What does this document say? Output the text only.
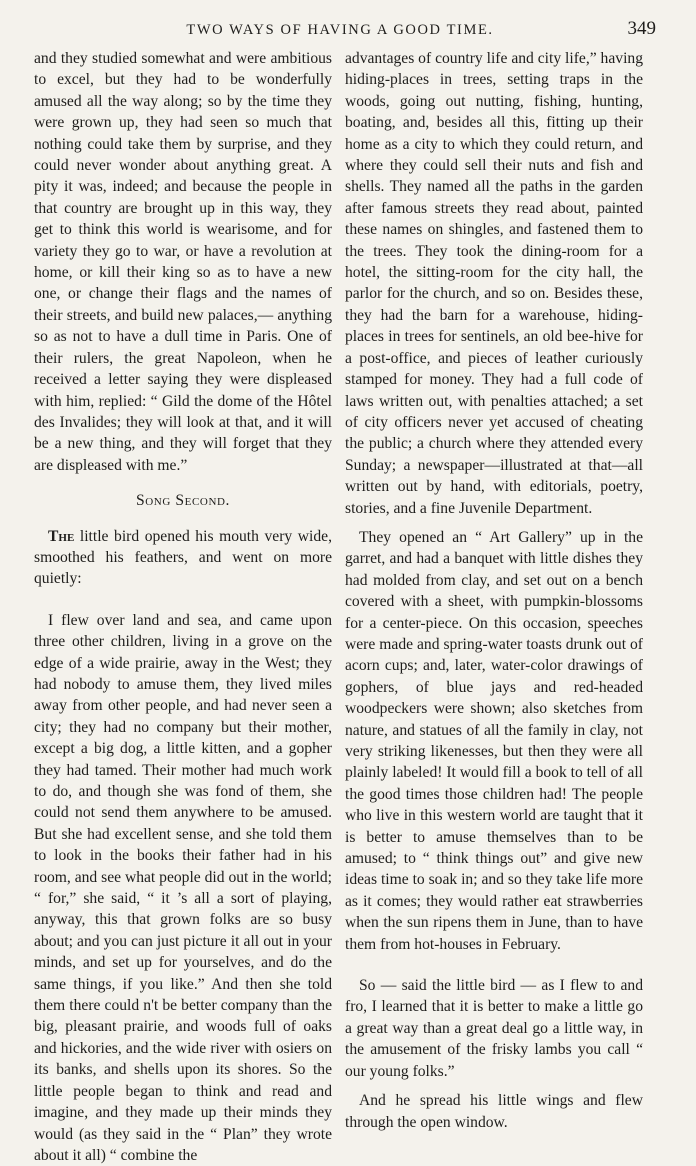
TWO WAYS OF HAVING A GOOD TIME.	349

and they studied somewhat and were ambitious to excel, but they had to be wonderfully amused all the way along; so by the time they were grown up, they had seen so much that nothing could take them by surprise, and they could never wonder about anything great. A pity it was, indeed; and because the people in that country are brought up in this way, they get to think this world is wearisome, and for variety they go to war, or have a revolution at home, or kill their king so as to have a new one, or change their flags and the names of their streets, and build new palaces,— anything so as not to have a dull time in Paris. One of their rulers, the great Napoleon, when he received a letter saying they were displeased with him, replied: “ Gild the dome of the Hôtel des Invalides; they will look at that, and it will be a new thing, and they will forget that they are displeased with me.”

Song Second.

The little bird opened his mouth very wide, smoothed his feathers, and went on more quietly:

I flew over land and sea, and came upon three other children, living in a grove on the edge of a wide prairie, away in the West; they had nobody to amuse them, they lived miles away from other people, and had never seen a city; they had no company but their mother, except a big dog, a little kitten, and a gopher they had tamed. Their mother had much work to do, and though she was fond of them, she could not send them anywhere to be amused. But she had excellent sense, and she told them to look in the books their father had in his room, and see what people did out in the world; “ for,” she said, “ it ’s all a sort of playing, anyway, this that grown folks are so busy about; and you can just picture it all out in your minds, and set up for yourselves, and do the same things, if you like.” And then she told them there could n't be better company than the big, pleasant prairie, and woods full of oaks and hickories, and the wide river with osiers on its banks, and shells upon its shores. So the little people began to think and read and imagine, and they made up their minds they would (as they said in the “ Plan” they wrote about it all) “ combine the

advantages of country life and city life,” having hiding-places in trees, setting traps in the woods, going out nutting, fishing, hunting, boating, and, besides all this, fitting up their home as a city to which they could return, and where they could sell their nuts and fish and shells. They named all the paths in the garden after famous streets they read about, painted these names on shingles, and fastened them to the trees. They took the dining-room for a hotel, the sitting-room for the city hall, the parlor for the church, and so on. Besides these, they had the barn for a warehouse, hiding-places in trees for sentinels, an old bee-hive for a post-office, and pieces of leather curiously stamped for money. They had a full code of laws written out, with penalties attached; a set of city officers never yet accused of cheating the public; a church where they attended every Sunday; a newspaper—illustrated at that—all written out by hand, with editorials, poetry, stories, and a fine Juvenile Department.

They opened an “ Art Gallery” up in the garret, and had a banquet with little dishes they had molded from clay, and set out on a bench covered with a sheet, with pumpkin-blossoms for a center-piece. On this occasion, speeches were made and spring-water toasts drunk out of acorn cups; and, later, water-color drawings of gophers, of blue jays and red-headed woodpeckers were shown; also sketches from nature, and statues of all the family in clay, not very striking likenesses, but then they were all plainly labeled! It would fill a book to tell of all the good times those children had! The people who live in this western world are taught that it is better to amuse themselves than to be amused; to “ think things out” and give new ideas time to soak in; and so they take life more as it comes; they would rather eat strawberries when the sun ripens them in June, than to have them from hot-houses in February.

So — said the little bird — as I flew to and fro, I learned that it is better to make a little go a great way than a great deal go a little way, in the amusement of the frisky lambs you call “ our young folks.”

And he spread his little wings and flew through the open window.
